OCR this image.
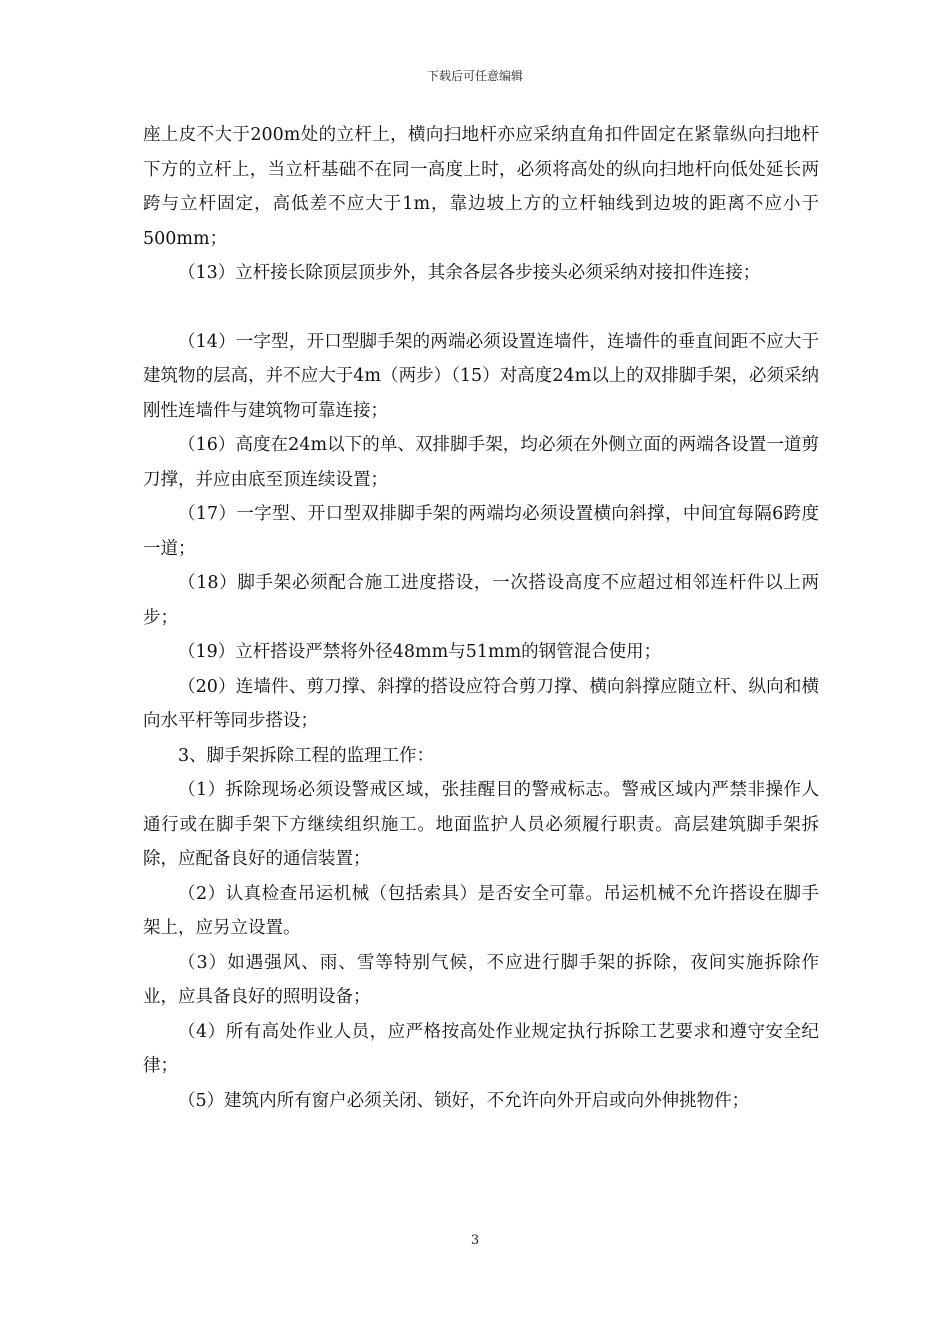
下载后可任意编辑

座上皮不大于200m处的立杆上，横向扫地杆亦应采纳直角扣件固定在紧靠纵向扫地杆下方的立杆上，当立杆基础不在同一高度上时，必须将高处的纵向扫地杆向低处延长两跨与立杆固定，高低差不应大于1m，靠边坡上方的立杆轴线到边坡的距离不应小于500mm；

（13）立杆接长除顶层顶步外，其余各层各步接头必须采纳对接扣件连接；

（14）一字型，开口型脚手架的两端必须设置连墙件，连墙件的垂直间距不应大于建筑物的层高，并不应大于4m（两步）（15）对高度24m以上的双排脚手架，必须采纳刚性连墙件与建筑物可靠连接；

（16）高度在24m以下的单、双排脚手架，均必须在外侧立面的两端各设置一道剪刀撑，并应由底至顶连续设置；

（17）一字型、开口型双排脚手架的两端均必须设置横向斜撑，中间宜每隔6跨度一道；

（18）脚手架必须配合施工进度搭设，一次搭设高度不应超过相邻连杆件以上两步；

（19）立杆搭设严禁将外径48mm与51mm的钢管混合使用；

（20）连墙件、剪刀撑、斜撑的搭设应符合剪刀撑、横向斜撑应随立杆、纵向和横向水平杆等同步搭设；

3、脚手架拆除工程的监理工作：

（1）拆除现场必须设警戒区域，张挂醒目的警戒标志。警戒区域内严禁非操作人通行或在脚手架下方继续组织施工。地面监护人员必须履行职责。高层建筑脚手架拆除，应配备良好的通信装置；

（2）认真检查吊运机械（包括索具）是否安全可靠。吊运机械不允许搭设在脚手架上，应另立设置。

（3）如遇强风、雨、雪等特别气候，不应进行脚手架的拆除，夜间实施拆除作业，应具备良好的照明设备；

（4）所有高处作业人员，应严格按高处作业规定执行拆除工艺要求和遵守安全纪律；

（5）建筑内所有窗户必须关闭、锁好，不允许向外开启或向外伸挑物件；

3
